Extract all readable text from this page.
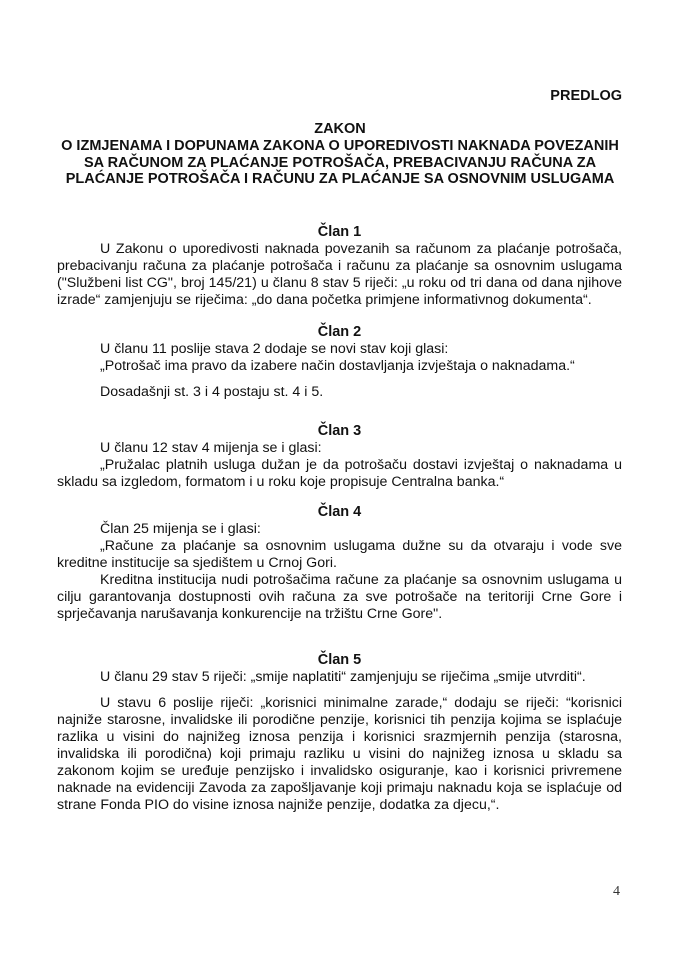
PREDLOG
ZAKON
O IZMJENAMA I DOPUNAMA ZAKONA O UPOREDIVOSTI NAKNADA POVEZANIH
SA RAČUNOM ZA PLAĆANJE POTROŠAČA, PREBACIVANJU RAČUNA ZA
PLAĆANJE POTROŠAČA I RAČUNU ZA PLAĆANJE SA OSNOVNIM USLUGAMA
Član 1

U Zakonu o uporedivosti naknada povezanih sa računom za plaćanje potrošača, prebacivanju računa za plaćanje potrošača i računu za plaćanje sa osnovnim uslugama ("Službeni list CG", broj 145/21) u članu 8 stav 5 riječi: „u roku od tri dana od dana njihove izrade“ zamjenjuju se riječima: „do dana početka primjene informativnog dokumenta“.

Član 2

U članu 11 poslije stava 2 dodaje se novi stav koji glasi:

„Potrošač ima pravo da izabere način dostavljanja izvještaja o naknadama.“

Dosadašnji st. 3 i 4 postaju st. 4 i 5.

Član 3

U članu 12 stav 4 mijenja se i glasi:

„Pružalac platnih usluga dužan je da potrošaču dostavi izvještaj o naknadama u skladu sa izgledom, formatom i u roku koje propisuje Centralna banka.“

Član 4

Član 25 mijenja se i glasi:

„Račune za plaćanje sa osnovnim uslugama dužne su da otvaraju i vode sve kreditne institucije sa sjedištem u Crnoj Gori.

Kreditna institucija nudi potrošačima račune za plaćanje sa osnovnim uslugama u cilju garantovanja dostupnosti ovih računa za sve potrošače na teritoriji Crne Gore i sprječavanja narušavanja konkurencije na tržištu Crne Gore".

Član 5

U članu 29 stav 5 riječi: „smije naplatiti“ zamjenjuju se riječima „smije utvrditi“.

U stavu 6 poslije riječi: „korisnici minimalne zarade,“ dodaju se riječi: “korisnici najniže starosne, invalidske ili porodične penzije, korisnici tih penzija kojima se isplaćuje razlika u visini do najnižeg iznosa penzija i korisnici srazmjernih penzija (starosna, invalidska ili porodična) koji primaju razliku u visini do najnižeg iznosa u skladu sa zakonom kojim se uređuje penzijsko i invalidsko osiguranje, kao i korisnici privremene naknade na evidenciji Zavoda za zapošljavanje koji primaju naknadu koja se isplaćuje od strane Fonda PIO do visine iznosa najniže penzije, dodatka za djecu,“.

4
